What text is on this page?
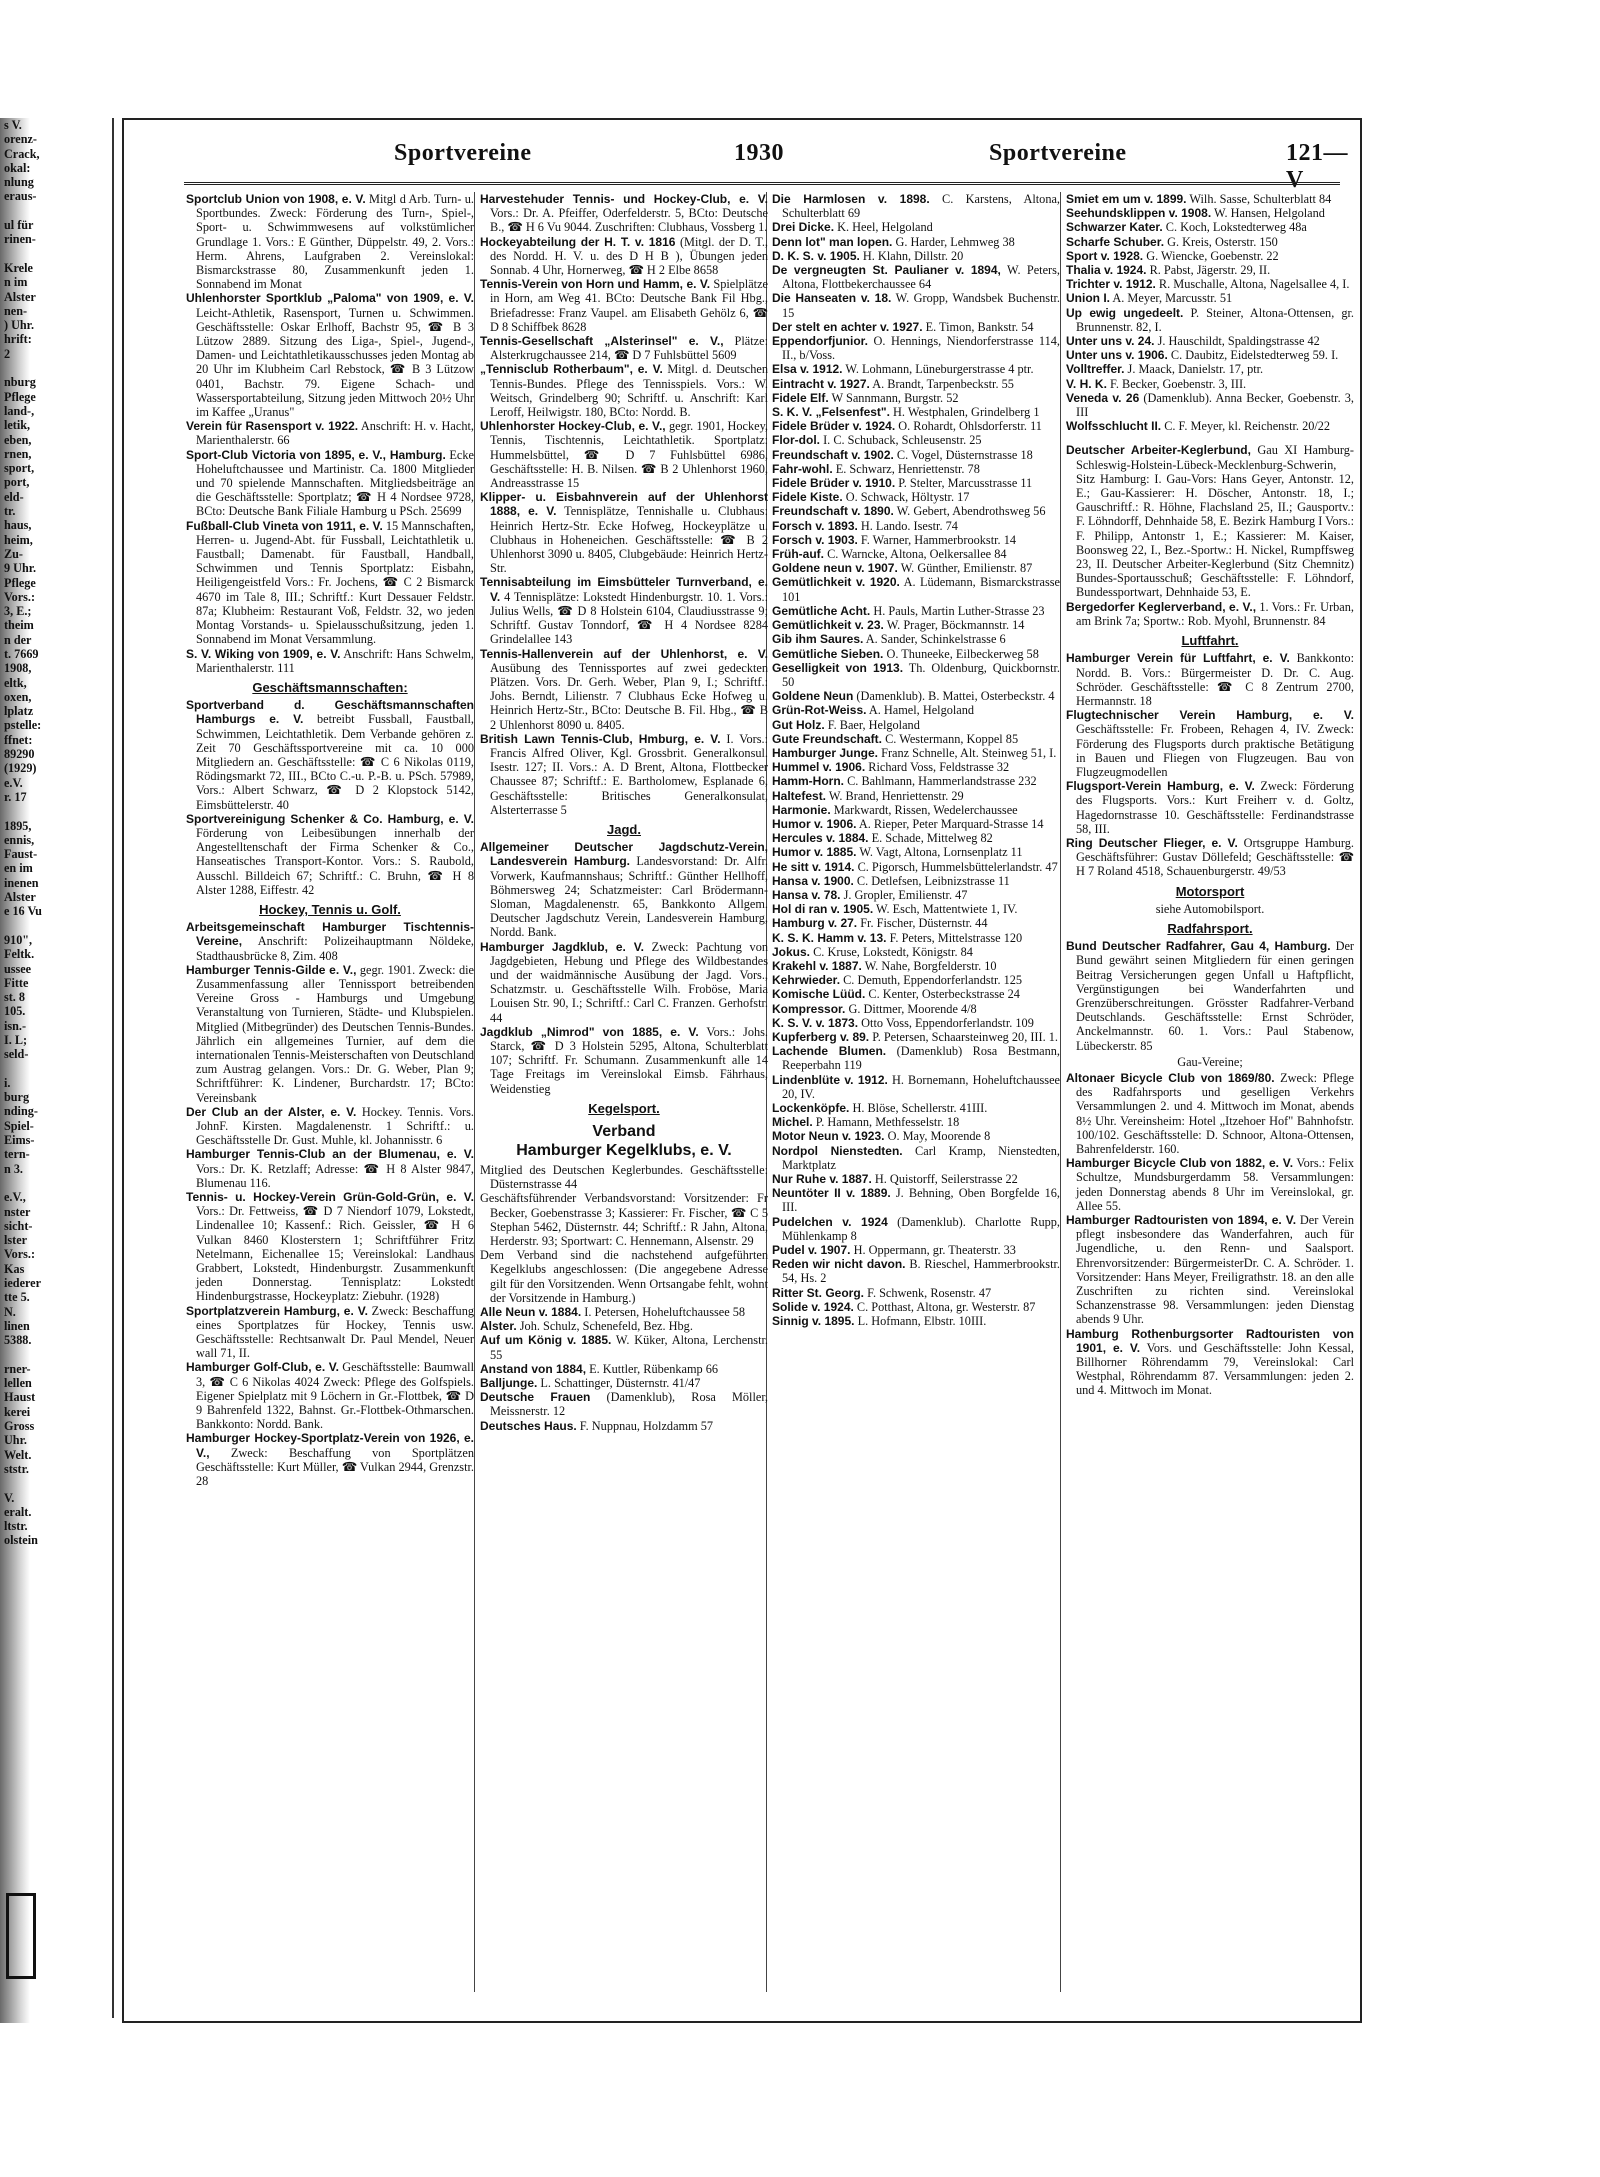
s V.
orenz-
Crack,
okal:
nlung
eraus-

ul für
rinen-

Krele
n im
Alster
nen-
) Uhr.
hrift:
2

nburg
Pflege
land-,
letik,
eben,
rnen,
sport,
port,
eld-
tr.
haus,
heim,
Zu-
9 Uhr.
Pflege
Vors.:
3, E.;
theim
n der
t. 7669
1908,
eltk,
oxen,
lplatz
pstelle:
ffnet:
89290
(1929)
e.V.
r. 17

1895,
ennis,
Faust-
en im
inenen
Alster
e 16 Vu

910",
Feltk.
ussee
Fitte
st. 8
105.
isn.-
I. L;
seld-

i.
burg
nding-
Spiel-
Eims-
tern-
n 3.

e.V.,
nster
sicht-
lster
Vors.:
Kas
iederer
tte 5.
N.
linen
5388.

rner-
lellen
Haust
kerei
Gross
Uhr.
Welt.
ststr.

V.
eralt.
ltstr.
olstein
Sportvereine	1930	Sportvereine	121—V

Sportclub Union von 1908, e. V. Mitgl d Arb. Turn- u. Sportbundes. Zweck: Förderung des Turn-, Spiel-, Sport- u. Schwimmwesens auf volkstümlicher Grundlage 1. Vors.: E Günther, Düppelstr. 49, 2. Vors.: Herm. Ahrens, Laufgraben 2. Vereinslokal: Bismarckstrasse 80, Zusammenkunft jeden 1. Sonnabend im Monat

Uhlenhorster Sportklub „Paloma" von 1909, e. V. Leicht-Athletik, Rasensport, Turnen u. Schwimmen. Geschäftsstelle: Oskar Erlhoff, Bachstr 95, ☎ B 3 Lützow 2889. Sitzung des Liga-, Spiel-, Jugend-, Damen- und Leichtathletikausschusses jeden Montag ab 20 Uhr im Klubheim Carl Rebstock, ☎ B 3 Lützow 0401, Bachstr. 79. Eigene Schach- und Wassersportabteilung, Sitzung jeden Mittwoch 20½ Uhr im Kaffee „Uranus"

Verein für Rasensport v. 1922. Anschrift: H. v. Hacht, Marienthalerstr. 66

Sport-Club Victoria von 1895, e. V., Hamburg. Ecke Hoheluftchaussee und Martinistr. Ca. 1800 Mitglieder und 70 spielende Mannschaften. Mitgliedsbeiträge an die Geschäftsstelle: Sportplatz; ☎ H 4 Nordsee 9728, BCto: Deutsche Bank Filiale Hamburg u PSch. 25699

Fußball-Club Vineta von 1911, e. V. 15 Mannschaften, Herren- u. Jugend-Abt. für Fussball, Leichtathletik u. Faustball; Damenabt. für Faustball, Handball, Schwimmen und Tennis Sportplatz: Eisbahn, Heiligengeistfeld Vors.: Fr. Jochens, ☎ C 2 Bismarck 4670 im Tale 8, III.; Schriftf.: Kurt Dessauer Feldstr. 87a; Klubheim: Restaurant Voß, Feldstr. 32, wo jeden Montag Vorstands- u. Spielausschußsitzung, jeden 1. Sonnabend im Monat Versammlung.

S. V. Wiking von 1909, e. V. Anschrift: Hans Schwelm, Marienthalerstr. 111

Geschäftsmannschaften:

Sportverband d. Geschäftsmannschaften Hamburgs e. V. betreibt Fussball, Faustball, Schwimmen, Leichtathletik. Dem Verbande gehören z. Zeit 70 Geschäftssportvereine mit ca. 10 000 Mitgliedern an. Geschäftsstelle: ☎ C 6 Nikolas 0119, Rödingsmarkt 72, III., BCto C.-u. P.-B. u. PSch. 57989, Vors.: Albert Schwarz, ☎ D 2 Klopstock 5142, Eimsbüttelerstr. 40

Sportvereinigung Schenker & Co. Hamburg, e. V. Förderung von Leibesübungen innerhalb der Angestelltenschaft der Firma Schenker & Co., Hanseatisches Transport-Kontor. Vors.: S. Raubold, Ausschl. Billdeich 67; Schriftf.: C. Bruhn, ☎ H 8 Alster 1288, Eiffestr. 42

Hockey, Tennis u. Golf.

Arbeitsgemeinschaft Hamburger Tischtennis-Vereine, Anschrift: Polizeihauptmann Nöldeke, Stadthausbrücke 8, Zim. 408

Hamburger Tennis-Gilde e. V., gegr. 1901. Zweck: die Zusammenfassung aller Tennissport betreibenden Vereine Gross - Hamburgs und Umgebung Veranstaltung von Turnieren, Städte- und Klubspielen. Mitglied (Mitbegründer) des Deutschen Tennis-Bundes. Jährlich ein allgemeines Turnier, auf dem die internationalen Tennis-Meisterschaften von Deutschland zum Austrag gelangen. Vors.: Dr. G. Weber, Plan 9; Schriftführer: K. Lindener, Burchardstr. 17; BCto: Vereinsbank

Der Club an der Alster, e. V. Hockey. Tennis. Vors. JohnF. Kirsten. Magdalenenstr. 1 Schriftf.: u. Geschäftsstelle Dr. Gust. Muhle, kl. Johannisstr. 6

Hamburger Tennis-Club an der Blumenau, e. V. Vors.: Dr. K. Retzlaff; Adresse: ☎ H 8 Alster 9847, Blumenau 116.

Tennis- u. Hockey-Verein Grün-Gold-Grün, e. V. Vors.: Dr. Fettweiss, ☎ D 7 Niendorf 1079, Lokstedt, Lindenallee 10; Kassenf.: Rich. Geissler, ☎ H 6 Vulkan 8460 Klosterstern 1; Schriftführer Fritz Netelmann, Eichenallee 15; Vereinslokal: Landhaus Grabbert, Lokstedt, Hindenburgstr. Zusammenkunft jeden Donnerstag. Tennisplatz: Lokstedt Hindenburgstrasse, Hockeyplatz: Ziebuhr. (1928)

Sportplatzverein Hamburg, e. V. Zweck: Beschaffung eines Sportplatzes für Hockey, Tennis usw. Geschäftsstelle: Rechtsanwalt Dr. Paul Mendel, Neuer wall 71, II.

Hamburger Golf-Club, e. V. Geschäftsstelle: Baumwall 3, ☎ C 6 Nikolas 4024 Zweck: Pflege des Golfspiels. Eigener Spielplatz mit 9 Löchern in Gr.-Flottbek, ☎ D 9 Bahrenfeld 1322, Bahnst. Gr.-Flottbek-Othmarschen. Bankkonto: Nordd. Bank.

Hamburger Hockey-Sportplatz-Verein von 1926, e. V., Zweck: Beschaffung von Sportplätzen Geschäftsstelle: Kurt Müller, ☎ Vulkan 2944, Grenzstr. 28

Harvestehuder Tennis- und Hockey-Club, e. V. Vors.: Dr. A. Pfeiffer, Oderfelderstr. 5, BCto: Deutsche B., ☎ H 6 Vu 9044. Zuschriften: Clubhaus, Vossberg 1.

Hockeyabteilung der H. T. v. 1816 (Mitgl. der D. T., des Nordd. H. V. u. des D H B ), Übungen jeden Sonnab. 4 Uhr, Hornerweg, ☎ H 2 Elbe 8658

Tennis-Verein von Horn und Hamm, e. V. Spielplätze in Horn, am Weg 41. BCto: Deutsche Bank Fil Hbg., Briefadresse: Franz Vaupel. am Elisabeth Gehölz 6, ☎ D 8 Schiffbek 8628

Tennis-Gesellschaft „Alsterinsel" e. V., Plätze: Alsterkrugchaussee 214, ☎ D 7 Fuhlsbüttel 5609

„Tennisclub Rotherbaum", e. V. Mitgl. d. Deutschen Tennis-Bundes. Pflege des Tennisspiels. Vors.: W. Weitsch, Grindelberg 90; Schriftf. u. Anschrift: Karl Leroff, Heilwigstr. 180, BCto: Nordd. B.

Uhlenhorster Hockey-Club, e. V., gegr. 1901, Hockey, Tennis, Tischtennis, Leichtathletik. Sportplatz: Hummelsbüttel, ☎ D 7 Fuhlsbüttel 6986, Geschäftsstelle: H. B. Nilsen. ☎ B 2 Uhlenhorst 1960, Andreasstrasse 15

Klipper- u. Eisbahnverein auf der Uhlenhorst 1888, e. V. Tennisplätze, Tennishalle u. Clubhaus: Heinrich Hertz-Str. Ecke Hofweg, Hockeyplätze u. Clubhaus in Hoheneichen. Geschäftsstelle: ☎ B 2 Uhlenhorst 3090 u. 8405, Clubgebäude: Heinrich Hertz-Str.

Tennisabteilung im Eimsbütteler Turnverband, e. V. 4 Tennisplätze: Lokstedt Hindenburgstr. 10. 1. Vors.: Julius Wells, ☎ D 8 Holstein 6104, Claudiusstrasse 9; Schriftf. Gustav Tonndorf, ☎ H 4 Nordsee 8284 Grindelallee 143

Tennis-Hallenverein auf der Uhlenhorst, e. V. Ausübung des Tennissportes auf zwei gedeckten Plätzen. Vors. Dr. Gerh. Weber, Plan 9, I.; Schriftf.: Johs. Berndt, Lilienstr. 7 Clubhaus Ecke Hofweg u. Heinrich Hertz-Str., BCto: Deutsche B. Fil. Hbg., ☎ B 2 Uhlenhorst 8090 u. 8405.

British Lawn Tennis-Club, Hmburg, e. V. I. Vors.: Francis Alfred Oliver, Kgl. Grossbrit. Generalkonsul. Isestr. 127; II. Vors.: A. D Brent, Altona, Flottbecker Chaussee 87; Schriftf.: E. Bartholomew, Esplanade 6, Geschäftsstelle: Britisches Generalkonsulat, Alsterterrasse 5

Jagd.

Allgemeiner Deutscher Jagdschutz-Verein, Landesverein Hamburg. Landesvorstand: Dr. Alfr. Vorwerk, Kaufmannshaus; Schriftf.: Günther Hellhoff, Böhmersweg 24; Schatzmeister: Carl Brödermann-Sloman, Magdalenenstr. 65, Bankkonto Allgem. Deutscher Jagdschutz Verein, Landesverein Hamburg, Nordd. Bank.

Hamburger Jagdklub, e. V. Zweck: Pachtung von Jagdgebieten, Hebung und Pflege des Wildbestandes und der waidmännische Ausübung der Jagd. Vors., Schatzmstr. u. Geschäftsstelle Wilh. Froböse, Maria Louisen Str. 90, I.; Schriftf.: Carl C. Franzen. Gerhofstr. 44

Jagdklub „Nimrod" von 1885, e. V. Vors.: Johs. Starck, ☎ D 3 Holstein 5295, Altona, Schulterblatt 107; Schriftf. Fr. Schumann. Zusammenkunft alle 14 Tage Freitags im Vereinslokal Eimsb. Fährhaus, Weidenstieg

Kegelsport.
Verband
Hamburger Kegelklubs, e. V.

Mitglied des Deutschen Keglerbundes. Geschäftsstelle: Düsternstrasse 44

Geschäftsführender Verbandsvorstand: Vorsitzender: Fr Becker, Goebenstrasse 3; Kassierer: Fr. Fischer, ☎ C 5 Stephan 5462, Düsternstr. 44; Schriftf.: R Jahn, Altona, Herderstr. 93; Sportwart: C. Hennemann, Alsenstr. 29

Dem Verband sind die nachstehend aufgeführten Kegelklubs angeschlossen: (Die angegebene Adresse gilt für den Vorsitzenden. Wenn Ortsangabe fehlt, wohnt der Vorsitzende in Hamburg.)

Alle Neun v. 1884. I. Petersen, Hoheluftchaussee 58

Alster. Joh. Schulz, Schenefeld, Bez. Hbg.

Auf um König v. 1885. W. Küker, Altona, Lerchenstr. 55

Anstand von 1884, E. Kuttler, Rübenkamp 66

Balljunge. L. Schattinger, Düsternstr. 41/47

Deutsche Frauen (Damenklub), Rosa Möller, Meissnerstr. 12

Deutsches Haus. F. Nuppnau, Holzdamm 57

Die Harmlosen v. 1898. C. Karstens, Altona, Schulterblatt 69

Drei Dicke. K. Heel, Helgoland

Denn lot" man lopen. G. Harder, Lehmweg 38

D. K. S. v. 1905. H. Klahn, Dillstr. 20

De vergneugten St. Paulianer v. 1894, W. Peters, Altona, Flottbekerchaussee 64

Die Hanseaten v. 18. W. Gropp, Wandsbek Buchenstr. 15

Der stelt en achter v. 1927. E. Timon, Bankstr. 54

Eppendorfjunior. O. Hennings, Niendorferstrasse 114, II., b/Voss.

Elsa v. 1912. W. Lohmann, Lüneburgerstrasse 4 ptr.

Eintracht v. 1927. A. Brandt, Tarpenbeckstr. 55

Fidele Elf. W Sannmann, Burgstr. 52

S. K. V. „Felsenfest". H. Westphalen, Grindelberg 1

Fidele Brüder v. 1924. O. Rohardt, Ohlsdorferstr. 11

Flor-dol. I. C. Schuback, Schleusenstr. 25

Freundschaft v. 1902. C. Vogel, Düsternstrasse 18

Fahr-wohl. E. Schwarz, Henriettenstr. 78

Fidele Brüder v. 1910. P. Stelter, Marcusstrasse 11

Fidele Kiste. O. Schwack, Höltystr. 17

Freundschaft v. 1890. W. Gebert, Abendrothsweg 56

Forsch v. 1893. H. Lando. Isestr. 74

Forsch v. 1903. F. Warner, Hammerbrookstr. 14

Früh-auf. C. Warncke, Altona, Oelkersallee 84

Goldene neun v. 1907. W. Günther, Emilienstr. 87

Gemütlichkeit v. 1920. A. Lüdemann, Bismarckstrasse 101

Gemütliche Acht. H. Pauls, Martin Luther-Strasse 23

Gemütlichkeit v. 23. W. Prager, Böckmannstr. 14

Gib ihm Saures. A. Sander, Schinkelstrasse 6

Gemütliche Sieben. O. Thuneeke, Eilbeckerweg 58

Geselligkeit von 1913. Th. Oldenburg, Quickbornstr. 50

Goldene Neun (Damenklub). B. Mattei, Osterbeckstr. 4

Grün-Rot-Weiss. A. Hamel, Helgoland

Gut Holz. F. Baer, Helgoland

Gute Freundschaft. C. Westermann, Koppel 85

Hamburger Junge. Franz Schnelle, Alt. Steinweg 51, I.

Hummel v. 1906. Richard Voss, Feldstrasse 32

Hamm-Horn. C. Bahlmann, Hammerlandstrasse 232

Haltefest. W. Brand, Henriettenstr. 29

Harmonie. Markwardt, Rissen, Wedelerchaussee

Humor v. 1906. A. Rieper, Peter Marquard-Strasse 14

Hercules v. 1884. E. Schade, Mittelweg 82

Humor v. 1885. W. Vagt, Altona, Lornsenplatz 11

He sitt v. 1914. C. Pigorsch, Hummelsbüttelerlandstr. 47

Hansa v. 1900. C. Detlefsen, Leibnizstrasse 11

Hansa v. 78. J. Gropler, Emilienstr. 47

Hol di ran v. 1905. W. Esch, Mattentwiete 1, IV.

Hamburg v. 27. Fr. Fischer, Düsternstr. 44

K. S. K. Hamm v. 13. F. Peters, Mittelstrasse 120

Jokus. C. Kruse, Lokstedt, Königstr. 84

Krakehl v. 1887. W. Nahe, Borgfelderstr. 10

Kehrwieder. C. Demuth, Eppendorferlandstr. 125

Komische Lüüd. C. Kenter, Osterbeckstrasse 24

Kompressor. G. Dittmer, Moorende 4/8

K. S. V. v. 1873. Otto Voss, Eppendorferlandstr. 109

Kupferberg v. 89. P. Petersen, Schaarsteinweg 20, III. 1.

Lachende Blumen. (Damenklub) Rosa Bestmann, Reeperbahn 119

Lindenblüte v. 1912. H. Bornemann, Hoheluftchaussee 20, IV.

Lockenköpfe. H. Blöse, Schellerstr. 41III.

Michel. P. Hamann, Methfesselstr. 18

Motor Neun v. 1923. O. May, Moorende 8

Nordpol Nienstedten. Carl Kramp, Nienstedten, Marktplatz

Nur Ruhe v. 1887. H. Quistorff, Seilerstrasse 22

Neuntöter II v. 1889. J. Behning, Oben Borgfelde 16, III.

Pudelchen v. 1924 (Damenklub). Charlotte Rupp, Mühlenkamp 8

Pudel v. 1907. H. Oppermann, gr. Theaterstr. 33

Reden wir nicht davon. B. Rieschel, Hammerbrookstr. 54, Hs. 2

Ritter St. Georg. F. Schwenk, Rosenstr. 47

Solide v. 1924. C. Potthast, Altona, gr. Westerstr. 87

Sinnig v. 1895. L. Hofmann, Elbstr. 10III.

Smiet em um v. 1899. Wilh. Sasse, Schulterblatt 84

Seehundsklippen v. 1908. W. Hansen, Helgoland

Schwarzer Kater. C. Koch, Lokstedterweg 48a

Scharfe Schuber. G. Kreis, Osterstr. 150

Sport v. 1928. G. Wiencke, Goebenstr. 22

Thalia v. 1924. R. Pabst, Jägerstr. 29, II.

Trichter v. 1912. R. Muschalle, Altona, Nagelsallee 4, I.

Union I. A. Meyer, Marcusstr. 51

Up ewig ungedeelt. P. Steiner, Altona-Ottensen, gr. Brunnenstr. 82, I.

Unter uns v. 24. J. Hauschildt, Spaldingstrasse 42

Unter uns v. 1906. C. Daubitz, Eidelstedterweg 59. I.

Volltreffer. J. Maack, Danielstr. 17, ptr.

V. H. K. F. Becker, Goebenstr. 3, III.

Veneda v. 26 (Damenklub). Anna Becker, Goebenstr. 3, III

Wolfsschlucht II. C. F. Meyer, kl. Reichenstr. 20/22

Deutscher Arbeiter-Keglerbund, Gau XI Hamburg-Schleswig-Holstein-Lübeck-Mecklenburg-Schwerin, Sitz Hamburg: I. Gau-Vors: Hans Geyer, Antonstr. 12, E.; Gau-Kassierer: H. Döscher, Antonstr. 18, I.; Gauschriftf.: R. Höhne, Flachsland 25, II.; Gausportv.: F. Löhndorff, Dehnhaide 58, E. Bezirk Hamburg I Vors.: F. Philipp, Antonstr 1, E.; Kassierer: M. Kaiser, Boonsweg 22, I., Bez.-Sportw.: H. Nickel, Rumpffsweg 23, II. Deutscher Arbeiter-Keglerbund (Sitz Chemnitz) Bundes-Sportausschuß; Geschäftsstelle: F. Löhndorf, Bundessportwart, Dehnhaide 53, E.

Bergedorfer Keglerverband, e. V., 1. Vors.: Fr. Urban, am Brink 7a; Sportw.: Rob. Myohl, Brunnenstr. 84

Luftfahrt.

Hamburger Verein für Luftfahrt, e. V. Bankkonto: Nordd. B. Vors.: Bürgermeister D. Dr. C. Aug. Schröder. Geschäftsstelle: ☎ C 8 Zentrum 2700, Hermannstr. 18

Flugtechnischer Verein Hamburg, e. V. Geschäftsstelle: Fr. Frobeen, Rehagen 4, IV. Zweck: Förderung des Flugsports durch praktische Betätigung in Bauen und Fliegen von Flugzeugen. Bau von Flugzeugmodellen

Flugsport-Verein Hamburg, e. V. Zweck: Förderung des Flugsports. Vors.: Kurt Freiherr v. d. Goltz, Hagedornstrasse 10. Geschäftsstelle: Ferdinandstrasse 58, III.

Ring Deutscher Flieger, e. V. Ortsgruppe Hamburg. Geschäftsführer: Gustav Döllefeld; Geschäftsstelle: ☎ H 7 Roland 4518, Schauenburgerstr. 49/53

Motorsport
siehe Automobilsport.
Radfahrsport.

Bund Deutscher Radfahrer, Gau 4, Hamburg. Der Bund gewährt seinen Mitgliedern für einen geringen Beitrag Versicherungen gegen Unfall u Haftpflicht, Vergünstigungen bei Wanderfahrten und Grenzüberschreitungen. Grösster Radfahrer-Verband Deutschlands. Geschäftsstelle: Ernst Schröder, Anckelmannstr. 60. 1. Vors.: Paul Stabenow, Lübeckerstr. 85

Gau-Vereine;

Altonaer Bicycle Club von 1869/80. Zweck: Pflege des Radfahrsports und geselligen Verkehrs Versammlungen 2. und 4. Mittwoch im Monat, abends 8½ Uhr. Vereinsheim: Hotel „Itzehoer Hof" Bahnhofstr. 100/102. Geschäftsstelle: D. Schnoor, Altona-Ottensen, Bahrenfelderstr. 160.

Hamburger Bicycle Club von 1882, e. V. Vors.: Felix Schultze, Mundsburgerdamm 58. Versammlungen: jeden Donnerstag abends 8 Uhr im Vereinslokal, gr. Allee 55.

Hamburger Radtouristen von 1894, e. V. Der Verein pflegt insbesondere das Wanderfahren, auch für Jugendliche, u. den Renn- und Saalsport. Ehrenvorsitzender: BürgermeisterDr. C. A. Schröder. 1. Vorsitzender: Hans Meyer, Freiligrathstr. 18. an den alle Zuschriften zu richten sind. Vereinslokal Schanzenstrasse 98. Versammlungen: jeden Dienstag abends 9 Uhr.

Hamburg Rothenburgsorter Radtouristen von 1901, e. V. Vors. und Geschäftsstelle: John Kessal, Billhorner Röhrendamm 79, Vereinslokal: Carl Westphal, Röhrendamm 87. Versammlungen: jeden 2. und 4. Mittwoch im Monat.
